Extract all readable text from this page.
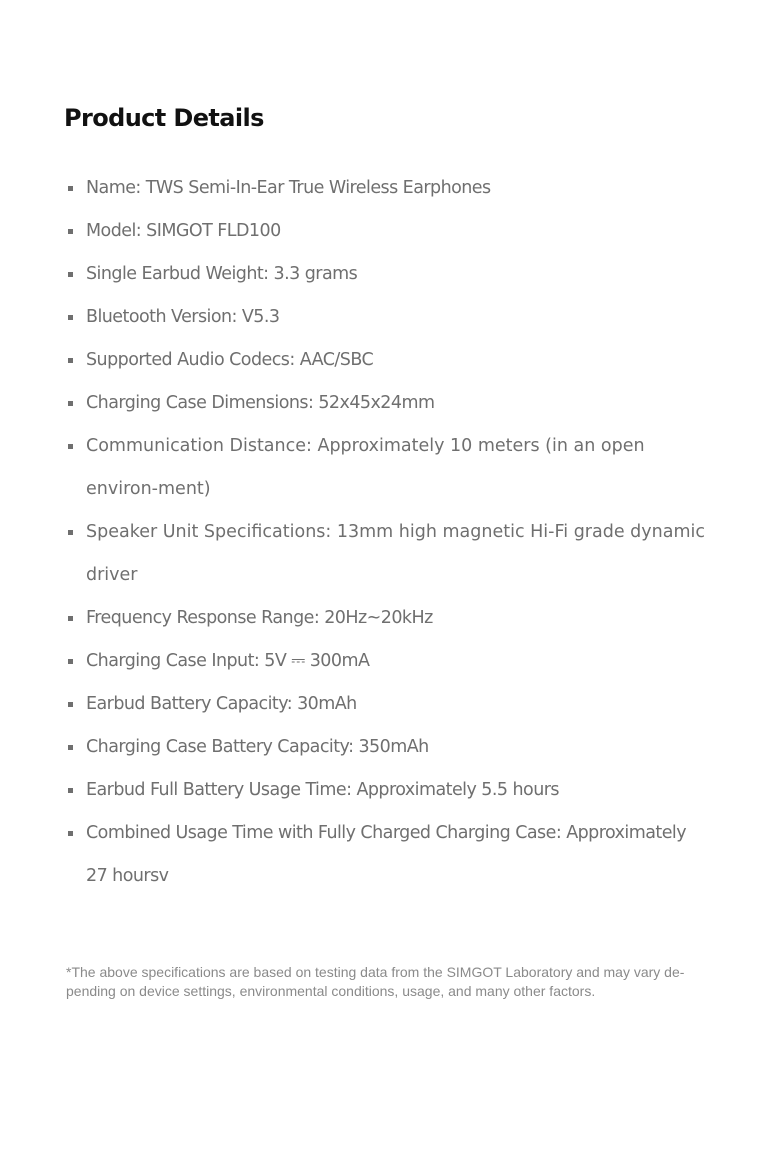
Product Details
Name: TWS Semi-In-Ear True Wireless Earphones
Model: SIMGOT FLD100
Single Earbud Weight: 3.3 grams
Bluetooth Version: V5.3
Supported Audio Codecs: AAC/SBC
Charging Case Dimensions: 52x45x24mm
Communication Distance: Approximately 10 meters (in an open environ-ment)
Speaker Unit Specifications: 13mm high magnetic Hi-Fi grade dynamic driver
Frequency Response Range: 20Hz~20kHz
Charging Case Input: 5V ⎓ 300mA
Earbud Battery Capacity: 30mAh
Charging Case Battery Capacity: 350mAh
Earbud Full Battery Usage Time: Approximately 5.5 hours
Combined Usage Time with Fully Charged Charging Case: Approximately 27 hoursv

*The above specifications are based on testing data from the SIMGOT Laboratory and may vary de-pending on device settings, environmental conditions, usage, and many other factors.
